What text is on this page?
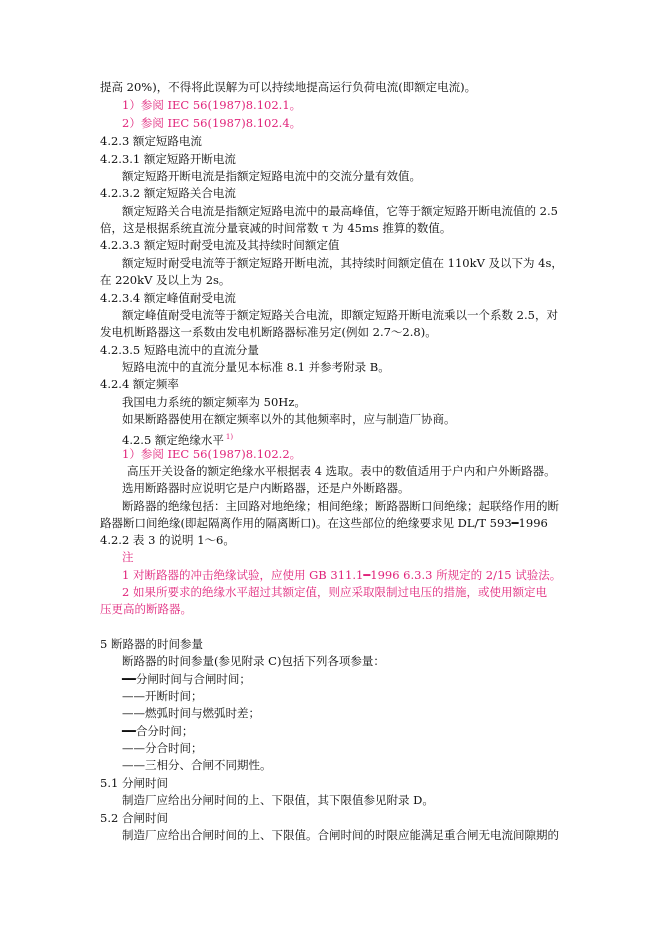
提高 20%)，不得将此误解为可以持续地提高运行负荷电流(即额定电流)。
1）参阅 IEC 56(1987)8.102.1。
2）参阅 IEC 56(1987)8.102.4。
4.2.3 额定短路电流
4.2.3.1 额定短路开断电流
额定短路开断电流是指额定短路电流中的交流分量有效值。
4.2.3.2 额定短路关合电流
额定短路关合电流是指额定短路电流中的最高峰值，它等于额定短路开断电流值的 2.5
倍，这是根据系统直流分量衰减的时间常数 τ 为 45ms 推算的数值。
4.2.3.3 额定短时耐受电流及其持续时间额定值
额定短时耐受电流等于额定短路开断电流，其持续时间额定值在 110kV 及以下为 4s，
在 220kV 及以上为 2s。
4.2.3.4 额定峰值耐受电流
额定峰值耐受电流等于额定短路关合电流，即额定短路开断电流乘以一个系数 2.5，对
发电机断路器这一系数由发电机断路器标准另定(例如 2.7～2.8)。
4.2.3.5 短路电流中的直流分量
短路电流中的直流分量见本标准 8.1 并参考附录 B。
4.2.4 额定频率
我国电力系统的额定频率为 50Hz。
如果断路器使用在额定频率以外的其他频率时，应与制造厂协商。
4.2.5 额定绝缘水平 $^{1)}$
1）参阅 IEC 56(1987)8.102.2。
高压开关设备的额定绝缘水平根据表 4 选取。表中的数值适用于户内和户外断路器。
选用断路器时应说明它是户内断路器，还是户外断路器。
断路器的绝缘包括：主回路对地绝缘；相间绝缘；断路器断口间绝缘；起联络作用的断
路器断口间绝缘(即起隔离作用的隔离断口)。在这些部位的绝缘要求见 DL/T 593━1996
4.2.2 表 3 的说明 1～6。
注
1 对断路器的冲击绝缘试验，应使用 GB 311.1━1996 6.3.3 所规定的 2/15 试验法。
2 如果所要求的绝缘水平超过其额定值，则应采取限制过电压的措施，或使用额定电
压更高的断路器。
5 断路器的时间参量
断路器的时间参量(参见附录 C)包括下列各项参量：
━━分闸时间与合闸时间；
——开断时间；
——燃弧时间与燃弧时差；
━━合分时间；
——分合时间；
——三相分、合闸不同期性。
5.1 分闸时间
制造厂应给出分闸时间的上、下限值，其下限值参见附录 D。
5.2 合闸时间
制造厂应给出合闸时间的上、下限值。合闸时间的时限应能满足重合闸无电流间隙期的
